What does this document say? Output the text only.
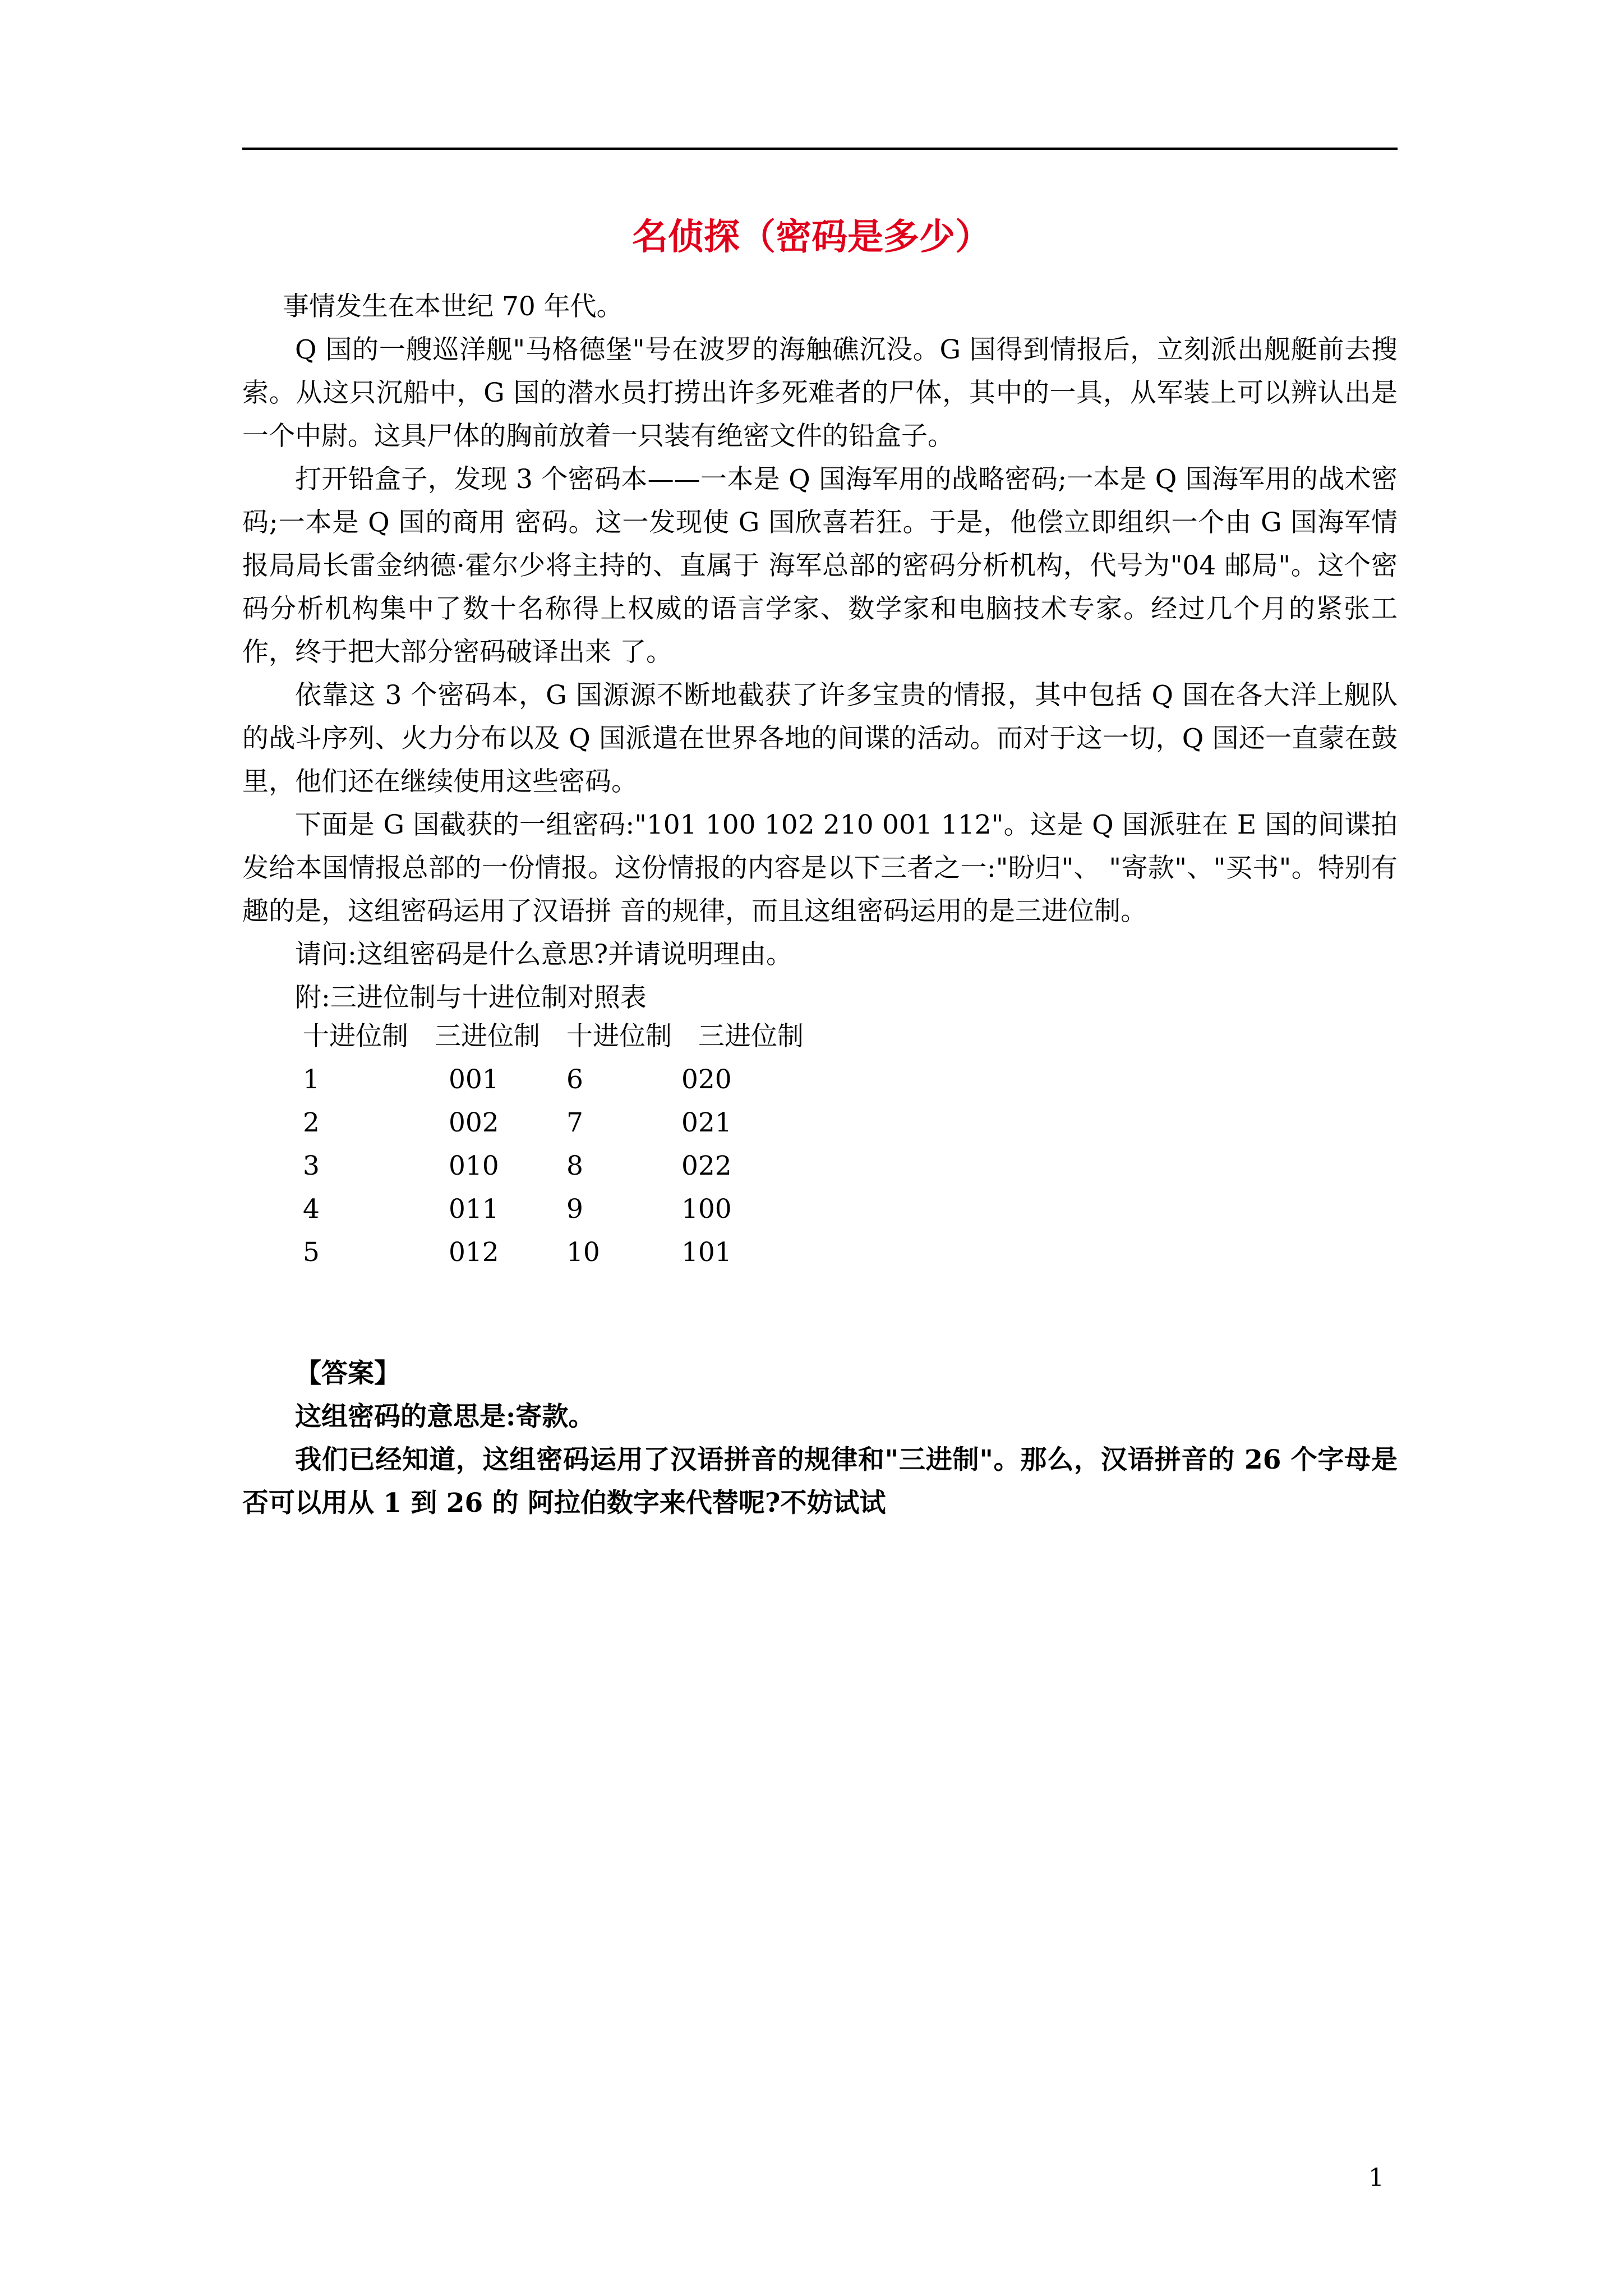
名侦探（密码是多少）

事情发生在本世纪 70 年代。

Q 国的一艘巡洋舰"马格德堡"号在波罗的海触礁沉没。G 国得到情报后，立刻派出舰艇前去搜索。从这只沉船中，G 国的潜水员打捞出许多死难者的尸体，其中的一具，从军装上可以辨认出是一个中尉。这具尸体的胸前放着一只装有绝密文件的铅盒子。

打开铅盒子，发现 3 个密码本——一本是 Q 国海军用的战略密码;一本是 Q 国海军用的战术密码;一本是 Q 国的商用 密码。这一发现使 G 国欣喜若狂。于是，他偿立即组织一个由 G 国海军情报局局长雷金纳德·霍尔少将主持的、直属于 海军总部的密码分析机构，代号为"04 邮局"。这个密码分析机构集中了数十名称得上权威的语言学家、数学家和电脑技术专家。经过几个月的紧张工作，终于把大部分密码破译出来 了。

依靠这 3 个密码本，G 国源源不断地截获了许多宝贵的情报，其中包括 Q 国在各大洋上舰队的战斗序列、火力分布以及 Q 国派遣在世界各地的间谍的活动。而对于这一切，Q 国还一直蒙在鼓里，他们还在继续使用这些密码。

下面是 G 国截获的一组密码:"101 100 102 210 001 112"。这是 Q 国派驻在 E 国的间谍拍发给本国情报总部的一份情报。这份情报的内容是以下三者之一:"盼归"、 "寄款"、"买书"。特别有趣的是，这组密码运用了汉语拼 音的规律，而且这组密码运用的是三进位制。

请问:这组密码是什么意思?并请说明理由。
附:三进位制与十进位制对照表
十进位制 三进位制 十进位制 三进位制
1	001	6	020
2	002	7	021
3	010	8	022
4	011	9	100
5	012	10	101

【答案】

这组密码的意思是:寄款。

我们已经知道，这组密码运用了汉语拼音的规律和"三进制"。那么，汉语拼音的 26 个字母是否可以用从 1 到 26 的 阿拉伯数字来代替呢?不妨试试

1
